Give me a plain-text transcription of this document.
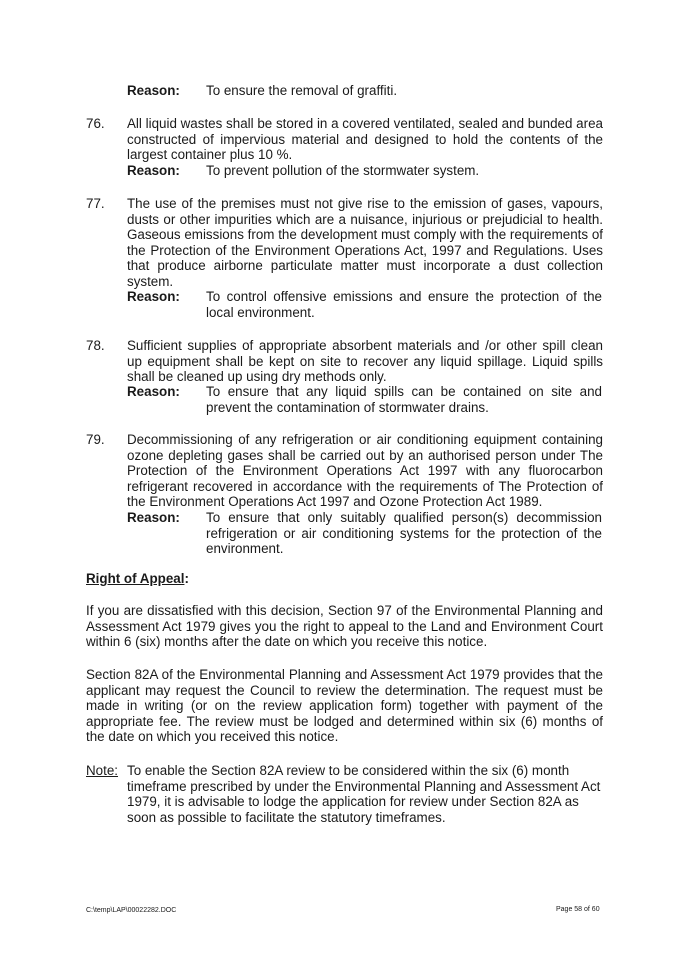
Reason: To ensure the removal of graffiti.
76. All liquid wastes shall be stored in a covered ventilated, sealed and bunded area constructed of impervious material and designed to hold the contents of the largest container plus 10 %.
Reason: To prevent pollution of the stormwater system.
77. The use of the premises must not give rise to the emission of gases, vapours, dusts or other impurities which are a nuisance, injurious or prejudicial to health. Gaseous emissions from the development must comply with the requirements of the Protection of the Environment Operations Act, 1997 and Regulations. Uses that produce airborne particulate matter must incorporate a dust collection system.
Reason: To control offensive emissions and ensure the protection of the local environment.
78. Sufficient supplies of appropriate absorbent materials and /or other spill clean up equipment shall be kept on site to recover any liquid spillage. Liquid spills shall be cleaned up using dry methods only.
Reason: To ensure that any liquid spills can be contained on site and prevent the contamination of stormwater drains.
79. Decommissioning of any refrigeration or air conditioning equipment containing ozone depleting gases shall be carried out by an authorised person under The Protection of the Environment Operations Act 1997 with any fluorocarbon refrigerant recovered in accordance with the requirements of The Protection of the Environment Operations Act 1997 and Ozone Protection Act 1989.
Reason: To ensure that only suitably qualified person(s) decommission refrigeration or air conditioning systems for the protection of the environment.
Right of Appeal:
If you are dissatisfied with this decision, Section 97 of the Environmental Planning and Assessment Act 1979 gives you the right to appeal to the Land and Environment Court within 6 (six) months after the date on which you receive this notice.
Section 82A of the Environmental Planning and Assessment Act 1979 provides that the applicant may request the Council to review the determination. The request must be made in writing (or on the review application form) together with payment of the appropriate fee. The review must be lodged and determined within six (6) months of the date on which you received this notice.
Note: To enable the Section 82A review to be considered within the six (6) month timeframe prescribed by under the Environmental Planning and Assessment Act 1979, it is advisable to lodge the application for review under Section 82A as soon as possible to facilitate the statutory timeframes.
C:\temp\LAP\00022282.DOC	Page 58 of 60
